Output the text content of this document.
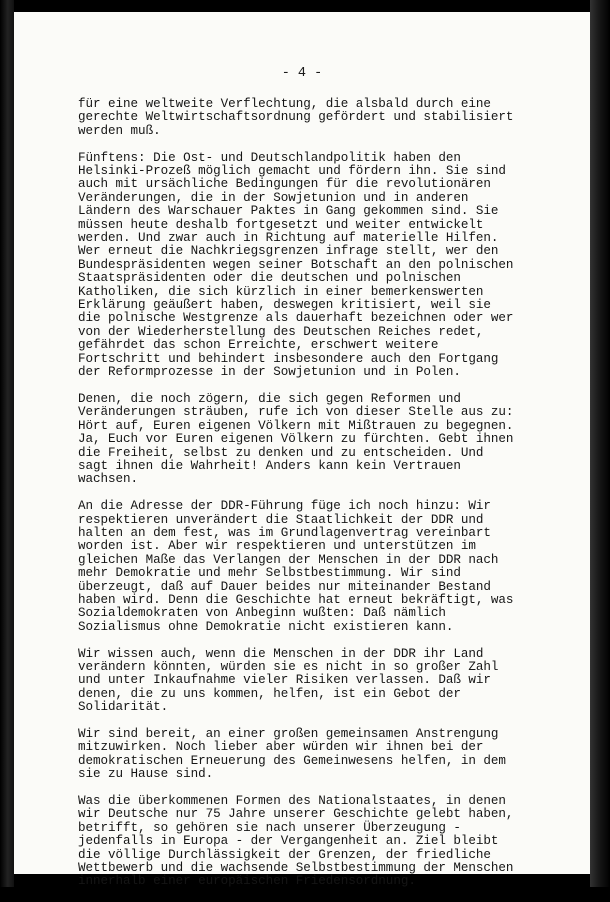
- 4 -
für eine weltweite Verflechtung, die alsbald durch eine
gerechte Weltwirtschaftsordnung gefördert und stabilisiert
werden muß.
Fünftens: Die Ost- und Deutschlandpolitik haben den
Helsinki-Prozeß möglich gemacht und fördern ihn. Sie sind
auch mit ursächliche Bedingungen für die revolutionären
Veränderungen, die in der Sowjetunion und in anderen
Ländern des Warschauer Paktes in Gang gekommen sind. Sie
müssen heute deshalb fortgesetzt und weiter entwickelt
werden. Und zwar auch in Richtung auf materielle Hilfen.
Wer erneut die Nachkriegsgrenzen infrage stellt, wer den
Bundespräsidenten wegen seiner Botschaft an den polnischen
Staatspräsidenten oder die deutschen und polnischen
Katholiken, die sich kürzlich in einer bemerkenswerten
Erklärung geäußert haben, deswegen kritisiert, weil sie
die polnische Westgrenze als dauerhaft bezeichnen oder wer
von der Wiederherstellung des Deutschen Reiches redet,
gefährdet das schon Erreichte, erschwert weitere
Fortschritt und behindert insbesondere auch den Fortgang
der Reformprozesse in der Sowjetunion und in Polen.
Denen, die noch zögern, die sich gegen Reformen und
Veränderungen sträuben, rufe ich von dieser Stelle aus zu:
Hört auf, Euren eigenen Völkern mit Mißtrauen zu begegnen.
Ja, Euch vor Euren eigenen Völkern zu fürchten. Gebt ihnen
die Freiheit, selbst zu denken und zu entscheiden. Und
sagt ihnen die Wahrheit! Anders kann kein Vertrauen
wachsen.
An die Adresse der DDR-Führung füge ich noch hinzu: Wir
respektieren unverändert die Staatlichkeit der DDR und
halten an dem fest, was im Grundlagenvertrag vereinbart
worden ist. Aber wir respektieren und unterstützen im
gleichen Maße das Verlangen der Menschen in der DDR nach
mehr Demokratie und mehr Selbstbestimmung. Wir sind
überzeugt, daß auf Dauer beides nur miteinander Bestand
haben wird. Denn die Geschichte hat erneut bekräftigt, was
Sozialdemokraten von Anbeginn wußten: Daß nämlich
Sozialismus ohne Demokratie nicht existieren kann.
Wir wissen auch, wenn die Menschen in der DDR ihr Land
verändern könnten, würden sie es nicht in so großer Zahl
und unter Inkaufnahme vieler Risiken verlassen. Daß wir
denen, die zu uns kommen, helfen, ist ein Gebot der
Solidarität.
Wir sind bereit, an einer großen gemeinsamen Anstrengung
mitzuwirken. Noch lieber aber würden wir ihnen bei der
demokratischen Erneuerung des Gemeinwesens helfen, in dem
sie zu Hause sind.
Was die überkommenen Formen des Nationalstaates, in denen
wir Deutsche nur 75 Jahre unserer Geschichte gelebt haben,
betrifft, so gehören sie nach unserer Überzeugung -
jedenfalls in Europa - der Vergangenheit an. Ziel bleibt
die völlige Durchlässigkeit der Grenzen, der friedliche
Wettbewerb und die wachsende Selbstbestimmung der Menschen
innerhalb einer europäischen Friedensordnung.
